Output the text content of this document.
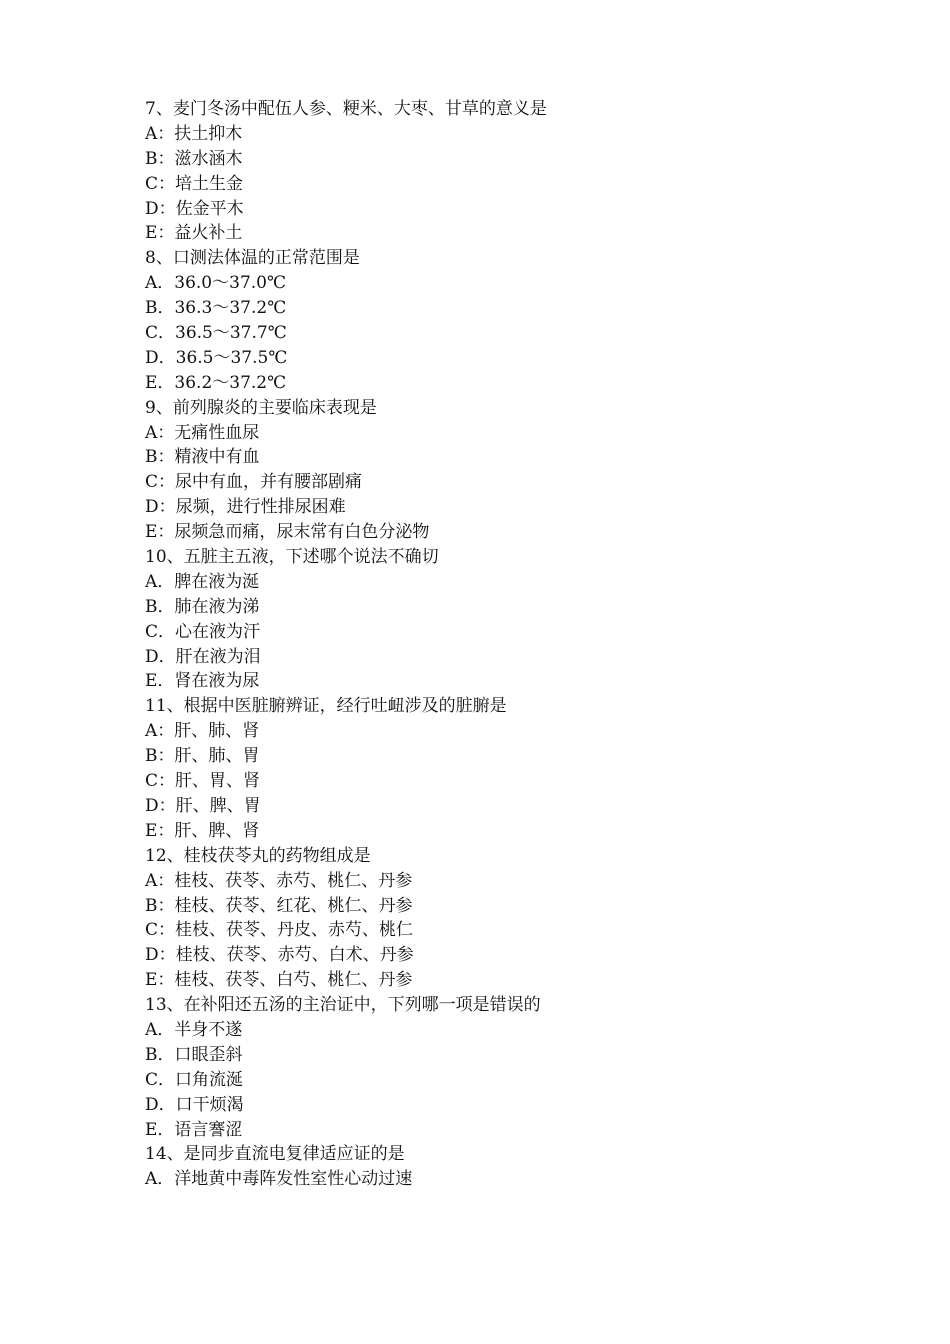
7、麦门冬汤中配伍人参、粳米、大枣、甘草的意义是
A：扶土抑木
B：滋水涵木
C：培土生金
D：佐金平木
E：益火补土
8、口测法体温的正常范围是
A．36.0～37.0℃
B．36.3～37.2℃
C．36.5～37.7℃
D．36.5～37.5℃
E．36.2～37.2℃
9、前列腺炎的主要临床表现是
A：无痛性血尿
B：精液中有血
C：尿中有血，并有腰部剧痛
D：尿频，进行性排尿困难
E：尿频急而痛，尿末常有白色分泌物
10、五脏主五液，下述哪个说法不确切
A．脾在液为涎
B．肺在液为涕
C．心在液为汗
D．肝在液为泪
E．肾在液为尿
11、根据中医脏腑辨证，经行吐衄涉及的脏腑是
A：肝、肺、肾
B：肝、肺、胃
C：肝、胃、肾
D：肝、脾、胃
E：肝、脾、肾
12、桂枝茯苓丸的药物组成是
A：桂枝、茯苓、赤芍、桃仁、丹参
B：桂枝、茯苓、红花、桃仁、丹参
C：桂枝、茯苓、丹皮、赤芍、桃仁
D：桂枝、茯苓、赤芍、白术、丹参
E：桂枝、茯苓、白芍、桃仁、丹参
13、在补阳还五汤的主治证中，下列哪一项是错误的
A．半身不遂
B．口眼歪斜
C．口角流涎
D．口干烦渴
E．语言謇涩
14、是同步直流电复律适应证的是
A．洋地黄中毒阵发性室性心动过速
